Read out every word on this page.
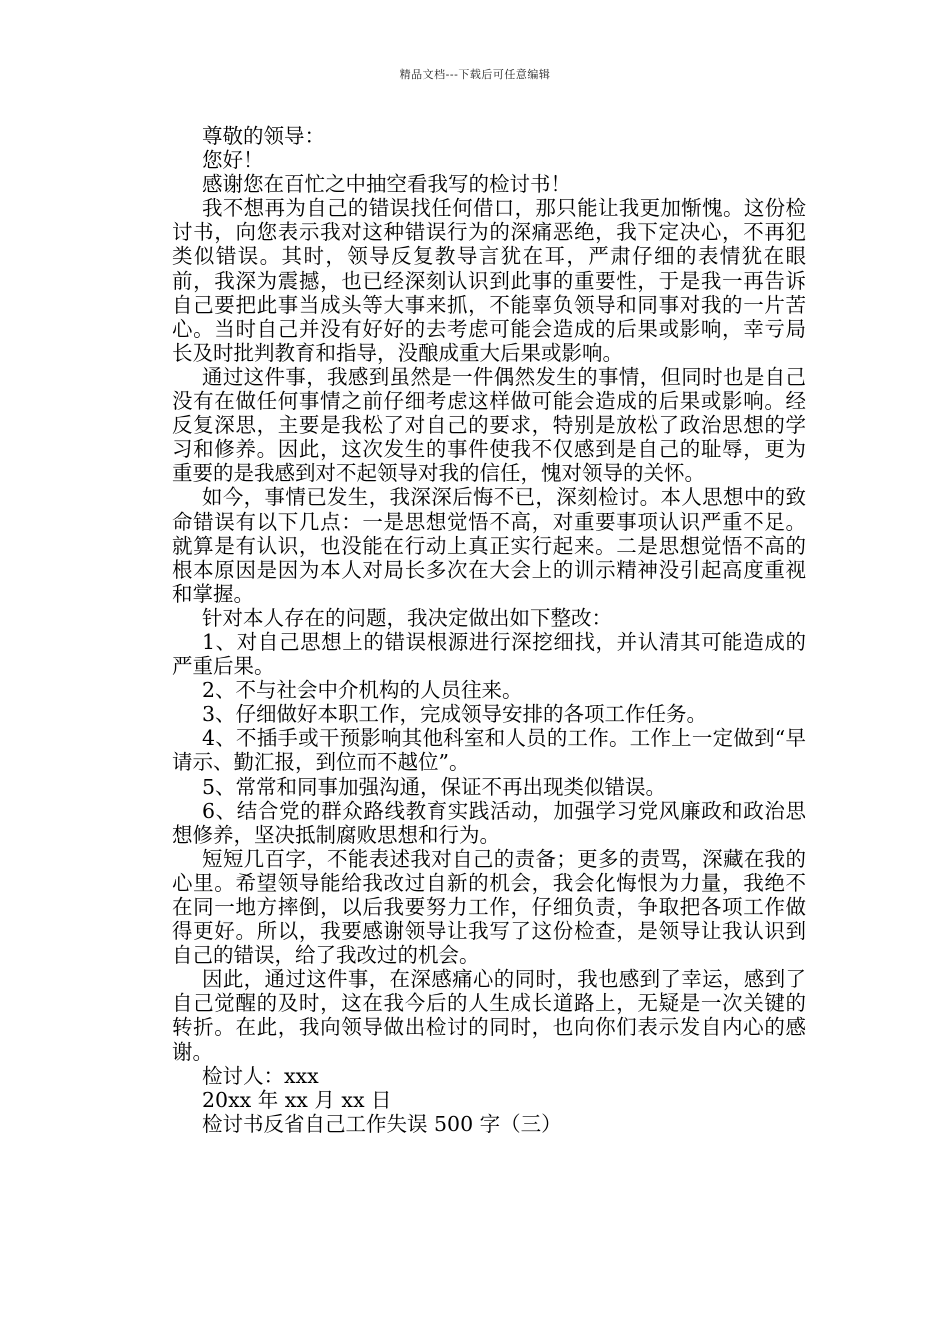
精品文档---下载后可任意编辑

尊敬的领导：

您好！

感谢您在百忙之中抽空看我写的检讨书！

我不想再为自己的错误找任何借口，那只能让我更加惭愧。这份检讨书，向您表示我对这种错误行为的深痛恶绝，我下定决心，不再犯类似错误。其时，领导反复教导言犹在耳，严肃仔细的表情犹在眼前，我深为震撼，也已经深刻认识到此事的重要性，于是我一再告诉自己要把此事当成头等大事来抓，不能辜负领导和同事对我的一片苦心。当时自己并没有好好的去考虑可能会造成的后果或影响，幸亏局长及时批判教育和指导，没酿成重大后果或影响。

通过这件事，我感到虽然是一件偶然发生的事情，但同时也是自己没有在做任何事情之前仔细考虑这样做可能会造成的后果或影响。经反复深思，主要是我松了对自己的要求，特别是放松了政治思想的学习和修养。因此，这次发生的事件使我不仅感到是自己的耻辱，更为重要的是我感到对不起领导对我的信任，愧对领导的关怀。

如今，事情已发生，我深深后悔不已，深刻检讨。本人思想中的致命错误有以下几点：一是思想觉悟不高，对重要事项认识严重不足。就算是有认识，也没能在行动上真正实行起来。二是思想觉悟不高的根本原因是因为本人对局长多次在大会上的训示精神没引起高度重视和掌握。

针对本人存在的问题，我决定做出如下整改：

1、对自己思想上的错误根源进行深挖细找，并认清其可能造成的严重后果。

2、不与社会中介机构的人员往来。

3、仔细做好本职工作，完成领导安排的各项工作任务。

4、不插手或干预影响其他科室和人员的工作。工作上一定做到“早请示、勤汇报，到位而不越位”。

5、常常和同事加强沟通，保证不再出现类似错误。

6、结合党的群众路线教育实践活动，加强学习党风廉政和政治思想修养，坚决抵制腐败思想和行为。

短短几百字，不能表述我对自己的责备；更多的责骂，深藏在我的心里。希望领导能给我改过自新的机会，我会化悔恨为力量，我绝不在同一地方摔倒，以后我要努力工作，仔细负责，争取把各项工作做得更好。所以，我要感谢领导让我写了这份检查，是领导让我认识到自己的错误，给了我改过的机会。

因此，通过这件事，在深感痛心的同时，我也感到了幸运，感到了自己觉醒的及时，这在我今后的人生成长道路上，无疑是一次关键的转折。在此，我向领导做出检讨的同时，也向你们表示发自内心的感谢。

检讨人：xxx

20xx 年 xx 月 xx 日

检讨书反省自己工作失误 500 字（三）
